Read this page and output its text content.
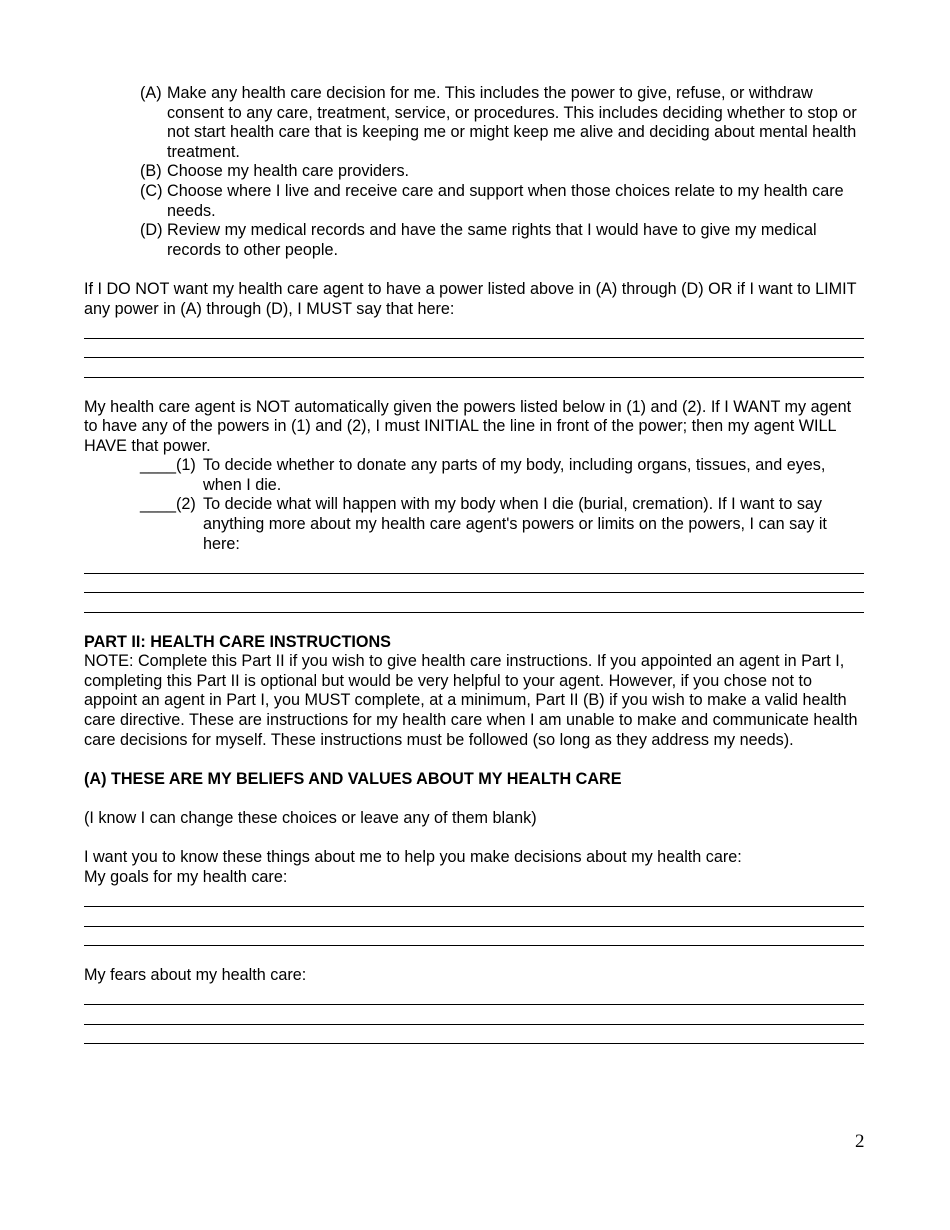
(A) Make any health care decision for me. This includes the power to give, refuse, or withdraw consent to any care, treatment, service, or procedures. This includes deciding whether to stop or not start health care that is keeping me or might keep me alive and deciding about mental health treatment.
(B) Choose my health care providers.
(C) Choose where I live and receive care and support when those choices relate to my health care needs.
(D) Review my medical records and have the same rights that I would have to give my medical records to other people.
If I DO NOT want my health care agent to have a power listed above in (A) through (D) OR if I want to LIMIT any power in (A) through (D), I MUST say that here:
My health care agent is NOT automatically given the powers listed below in (1) and (2). If I WANT my agent to have any of the powers in (1) and (2), I must INITIAL the line in front of the power; then my agent WILL HAVE that power.
____(1) To decide whether to donate any parts of my body, including organs, tissues, and eyes, when I die.
____(2) To decide what will happen with my body when I die (burial, cremation). If I want to say anything more about my health care agent's powers or limits on the powers, I can say it here:
PART II: HEALTH CARE INSTRUCTIONS
NOTE: Complete this Part II if you wish to give health care instructions. If you appointed an agent in Part I, completing this Part II is optional but would be very helpful to your agent. However, if you chose not to appoint an agent in Part I, you MUST complete, at a minimum, Part II (B) if you wish to make a valid health care directive. These are instructions for my health care when I am unable to make and communicate health care decisions for myself. These instructions must be followed (so long as they address my needs).
(A) THESE ARE MY BELIEFS AND VALUES ABOUT MY HEALTH CARE
(I know I can change these choices or leave any of them blank)
I want you to know these things about me to help you make decisions about my health care:
My goals for my health care:
My fears about my health care:
2
